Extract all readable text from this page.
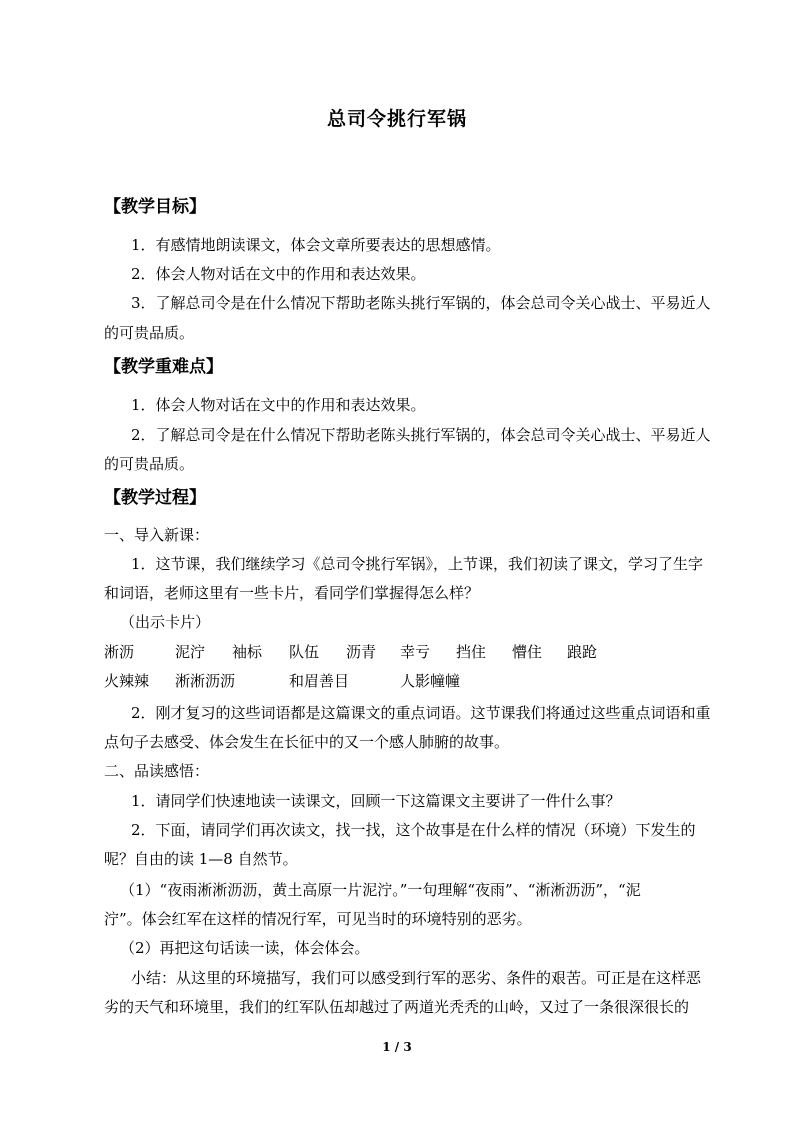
总司令挑行军锅
【教学目标】
1．有感情地朗读课文，体会文章所要表达的思想感情。
2．体会人物对话在文中的作用和表达效果。
3．了解总司令是在什么情况下帮助老陈头挑行军锅的，体会总司令关心战士、平易近人
的可贵品质。
【教学重难点】
1．体会人物对话在文中的作用和表达效果。
2．了解总司令是在什么情况下帮助老陈头挑行军锅的，体会总司令关心战士、平易近人
的可贵品质。
【教学过程】
一、导入新课：
1．这节课，我们继续学习《总司令挑行军锅》，上节课，我们初读了课文，学习了生字
和词语，老师这里有一些卡片，看同学们掌握得怎么样？
（出示卡片）
淅沥	泥泞 袖标 队伍 沥青 幸亏 挡住 懵住 踉跄
火辣辣 淅淅沥沥	和眉善目	人影幢幢
2．刚才复习的这些词语都是这篇课文的重点词语。这节课我们将通过这些重点词语和重
点句子去感受、体会发生在长征中的又一个感人肺腑的故事。
二、品读感悟：
1．请同学们快速地读一读课文，回顾一下这篇课文主要讲了一件什么事？
2．下面，请同学们再次读文，找一找，这个故事是在什么样的情况（环境）下发生的
呢？自由的读 1—8 自然节。
（1）“夜雨淅淅沥沥，黄土高原一片泥泞。”一句理解“夜雨”、“淅淅沥沥”，“泥
泞”。体会红军在这样的情况行军，可见当时的环境特别的恶劣。
（2）再把这句话读一读，体会体会。
小结：从这里的环境描写，我们可以感受到行军的恶劣、条件的艰苦。可正是在这样恶
劣的天气和环境里，我们的红军队伍却越过了两道光秃秃的山岭，又过了一条很深很长的
1 / 3
